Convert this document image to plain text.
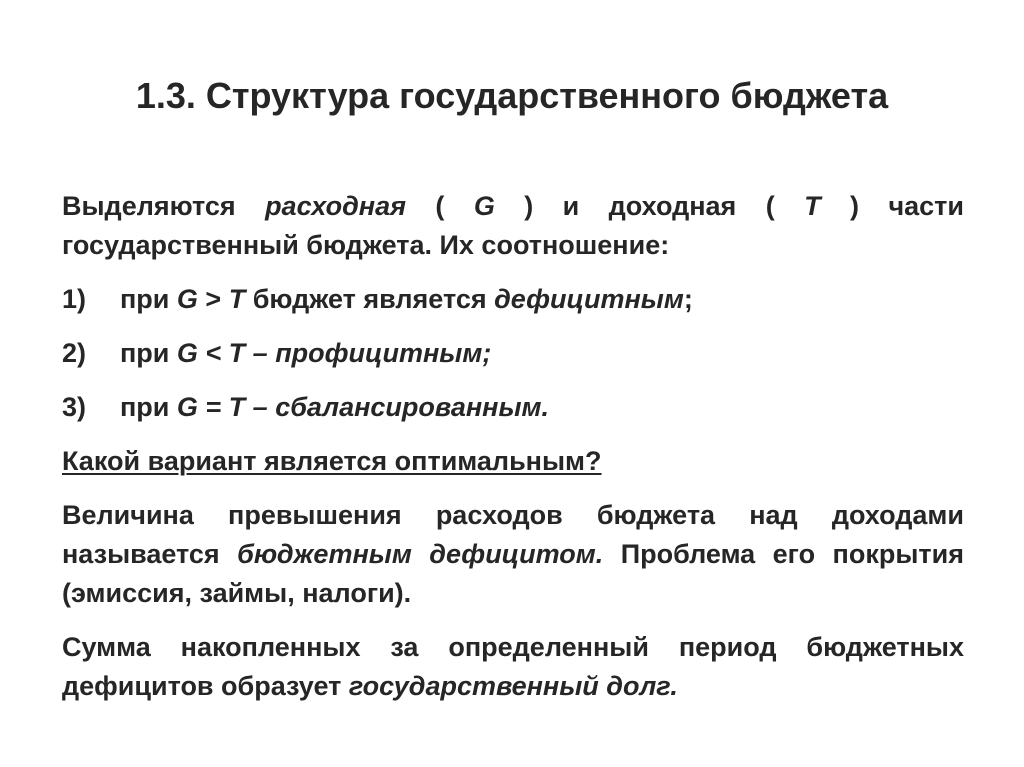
1.3. Структура государственного бюджета

Выделяются расходная ( G ) и доходная ( T ) части государственный бюджета. Их соотношение:

1)	при G > T бюджет является дефицитным;
2)	при G < T – профицитным;
3)	при G = T – сбалансированным.

Какой вариант является оптимальным?

Величина превышения расходов бюджета над доходами называется бюджетным дефицитом. Проблема его покрытия (эмиссия, займы, налоги).

Сумма накопленных за определенный период бюджетных дефицитов образует государственный долг.
